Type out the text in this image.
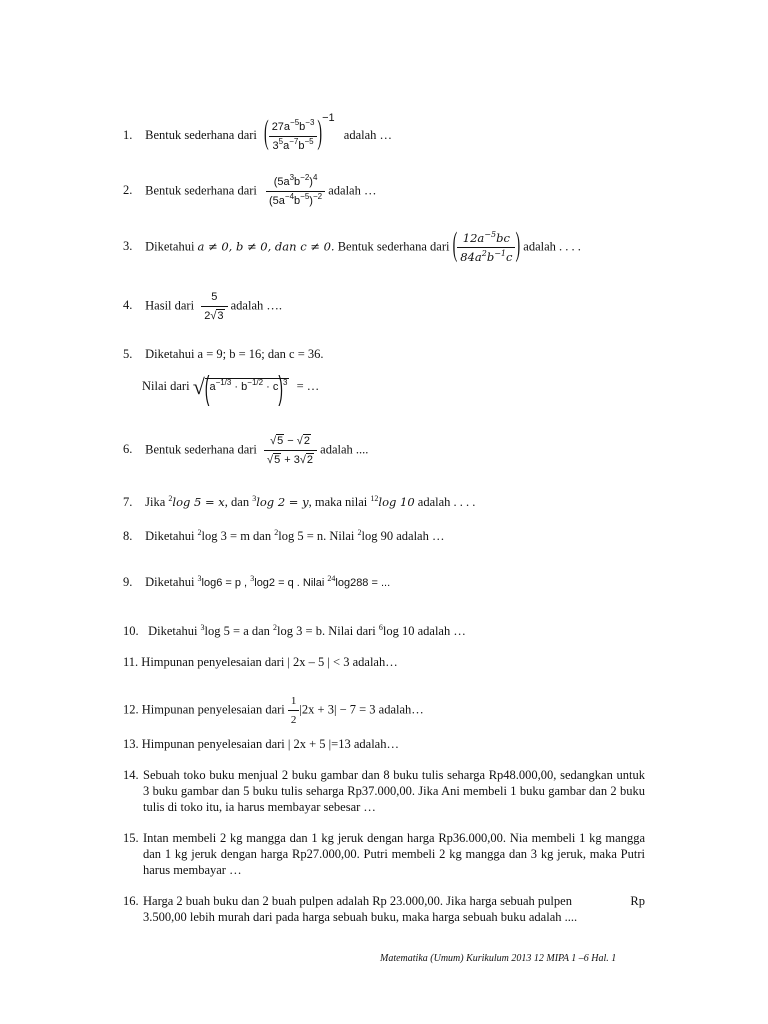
1. Bentuk sederhana dari ( $\frac{27a^{-5}b^{-3}}{3^5a^{-7}b^{-5}} )^{-1}$ adalah …
2. Bentuk sederhana dari $\frac{(5a^3b^{-2})^4}{(5a^{-4}b^{-5})^{-2}}$ adalah …
3. Diketahui a ≠ 0, b ≠ 0, dan c ≠ 0. Bentuk sederhana dari ( $\frac{12a^{-5}bc}{84a^2b^{-1}c}$ ) adalah . . . .
4. Hasil dari $\frac{5}{2√3}$ adalah ….
5. Diketahui a = 9; b = 16; dan c = 36.
Nilai dari $√(a^{-1/3} \cdot b^{-1/2} \cdot c)^3$ = …
6. Bentuk sederhana dari $\frac{√5 - √2}{√5 + 3√2}$ adalah ....
7. Jika $^2$log 5 = x, dan $^3$log 2 = y, maka nilai $^{12}$log 10 adalah . . . .
8. Diketahui $^2$log 3 = m dan $^2$log 5 = n. Nilai $^2$log 90 adalah …
9. Diketahui $^3$log6 = p , $^3$log2 = q . Nilai $^{24}$log288 = ...
10. Diketahui $^3$log 5 = a dan $^2$log 3 = b. Nilai dari $^6$log 10 adalah …
11. Himpunan penyelesaian dari | 2x – 5 | < 3 adalah…
12. Himpunan penyelesaian dari $\frac{1}{2} |2x + 3| - 7 = 3$ adalah…
13. Himpunan penyelesaian dari | 2x + 5 |=13 adalah…
14. Sebuah toko buku menjual 2 buku gambar dan 8 buku tulis seharga Rp48.000,00, sedangkan untuk 3 buku gambar dan 5 buku tulis seharga Rp37.000,00. Jika Ani membeli 1 buku gambar dan 2 buku tulis di toko itu, ia harus membayar sebesar …
15. Intan membeli 2 kg mangga dan 1 kg jeruk dengan harga Rp36.000,00. Nia membeli 1 kg mangga dan 1 kg jeruk dengan harga Rp27.000,00. Putri membeli 2 kg mangga dan 3 kg jeruk, maka Putri harus membayar …
16. Harga 2 buah buku dan 2 buah pulpen adalah Rp 23.000,00. Jika harga sebuah pulpen	Rp

3.500,00 lebih murah dari pada harga sebuah buku, maka harga sebuah buku adalah ....
Matematika (Umum) Kurikulum 2013 12 MIPA 1 –6 Hal. 1
